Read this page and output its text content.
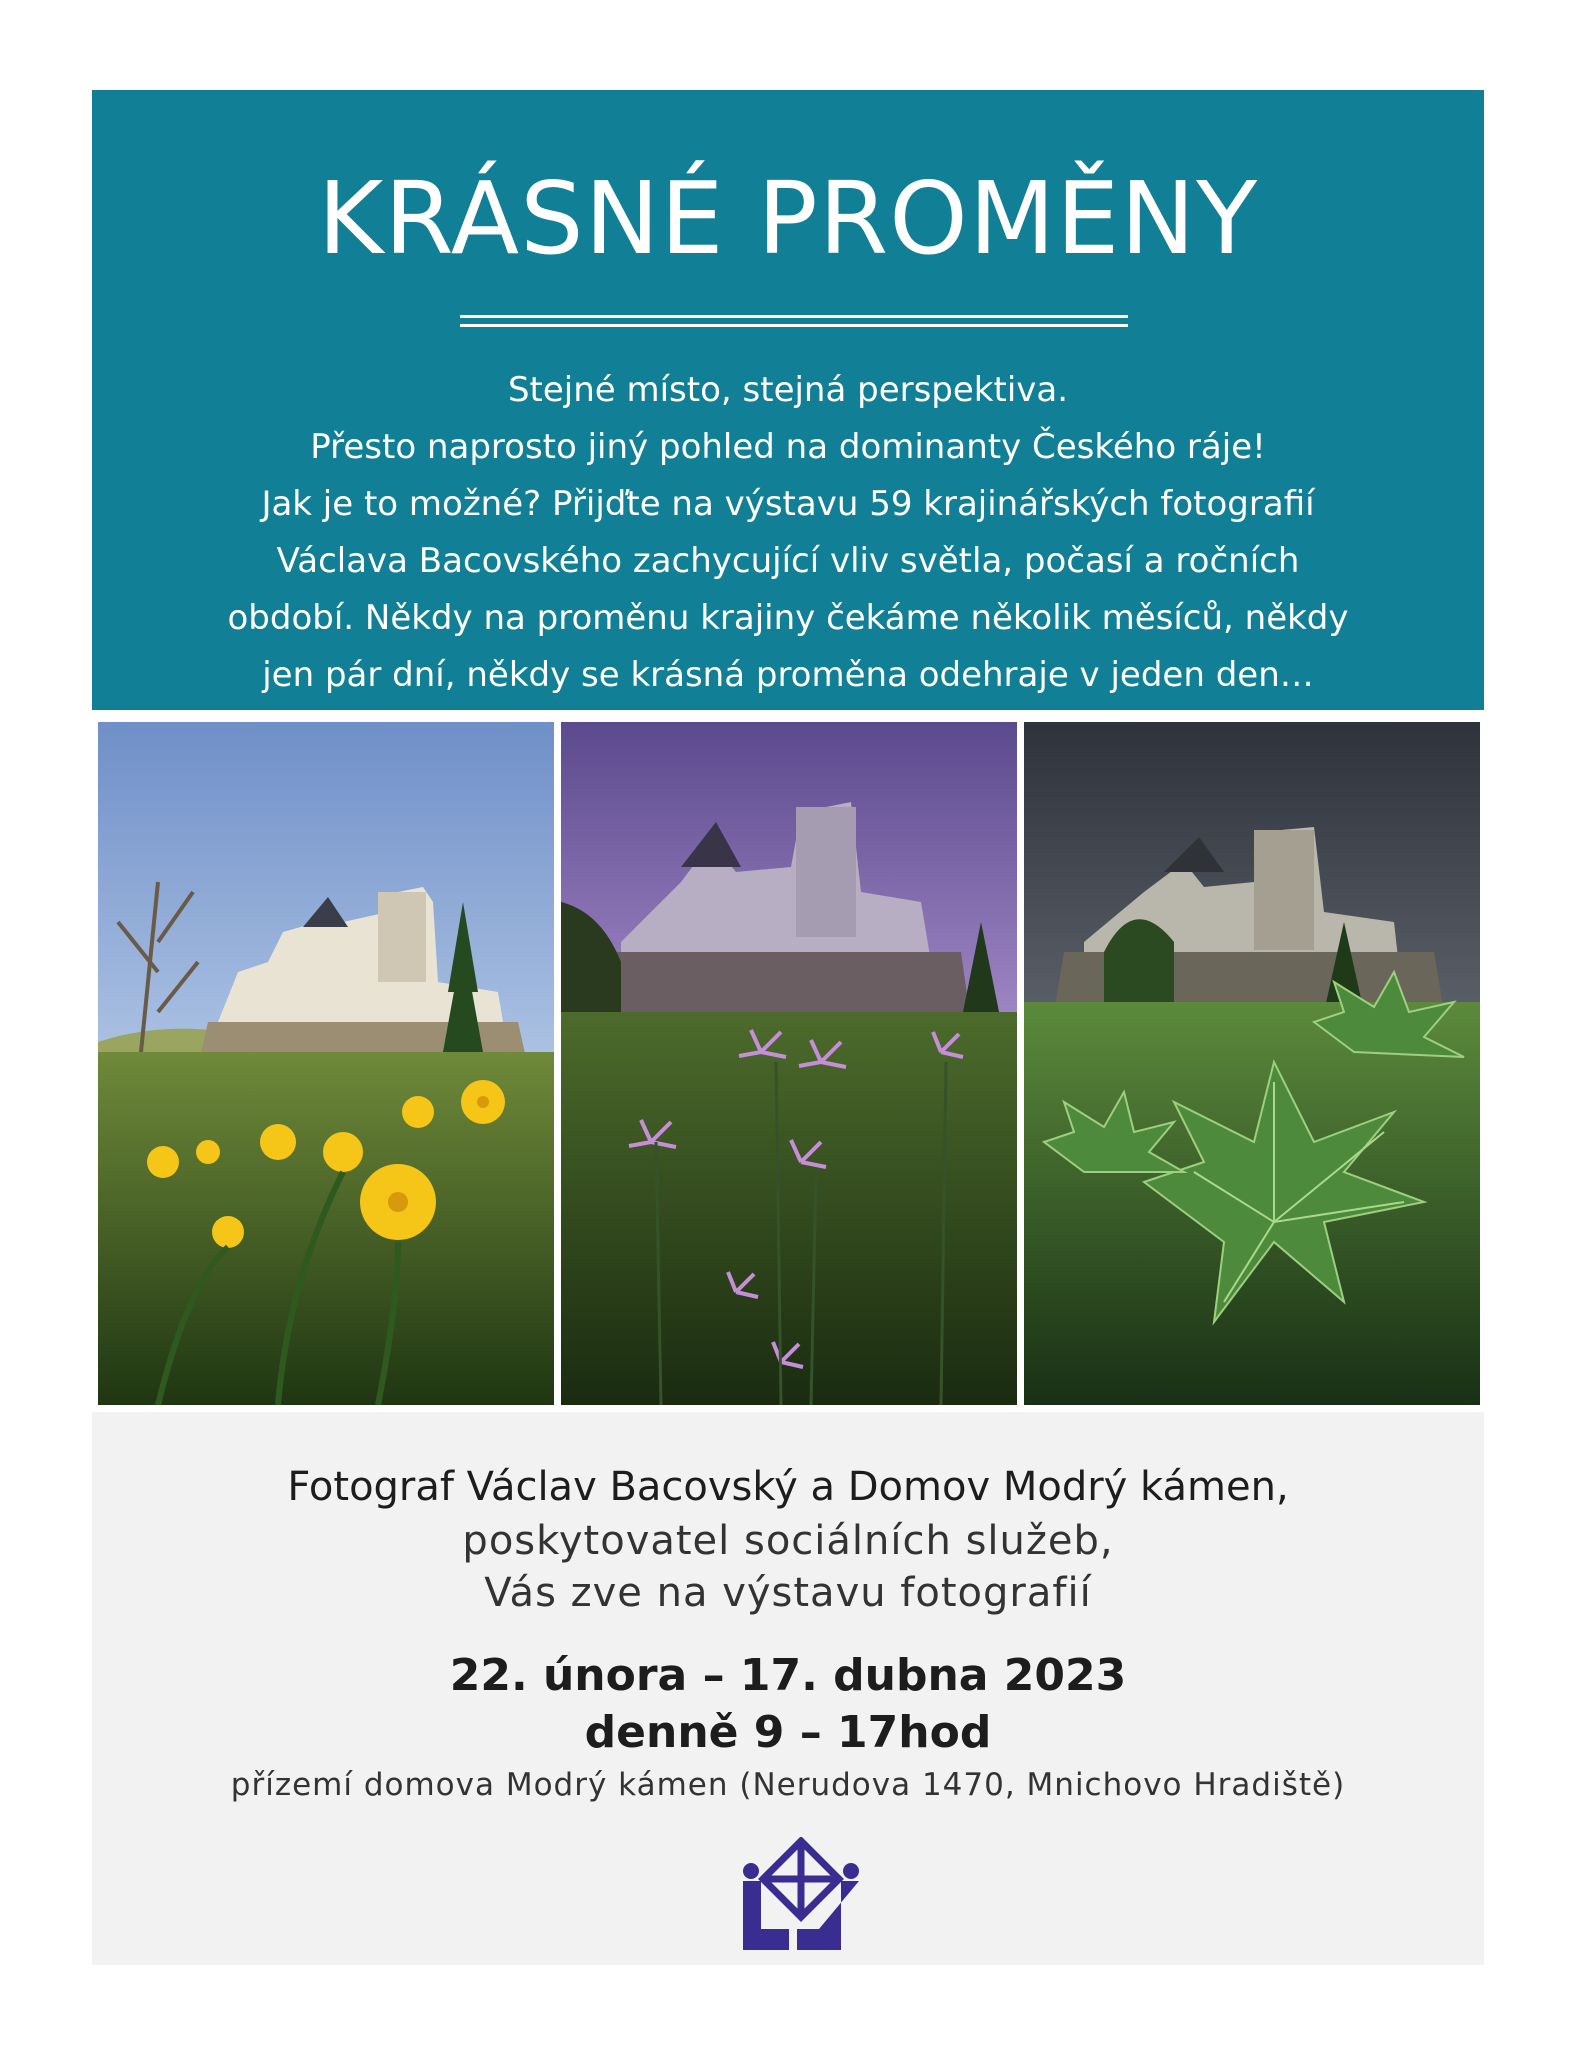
KRÁSNÉ PROMĚNY
Stejné místo, stejná perspektiva.
Přesto naprosto jiný pohled na dominanty Českého ráje!
Jak je to možné? Přijďte na výstavu 59 krajinářských fotografií
Václava Bacovského zachycující vliv světla, počasí a ročních
období. Někdy na proměnu krajiny čekáme několik měsíců, někdy
jen pár dní, někdy se krásná proměna odehraje v jeden den…
Fotograf Václav Bacovský a Domov Modrý kámen,
poskytovatel sociálních služeb,
Vás zve na výstavu fotografií
22. února – 17. dubna 2023
denně 9 – 17hod
přízemí domova Modrý kámen (Nerudova 1470, Mnichovo Hradiště)
